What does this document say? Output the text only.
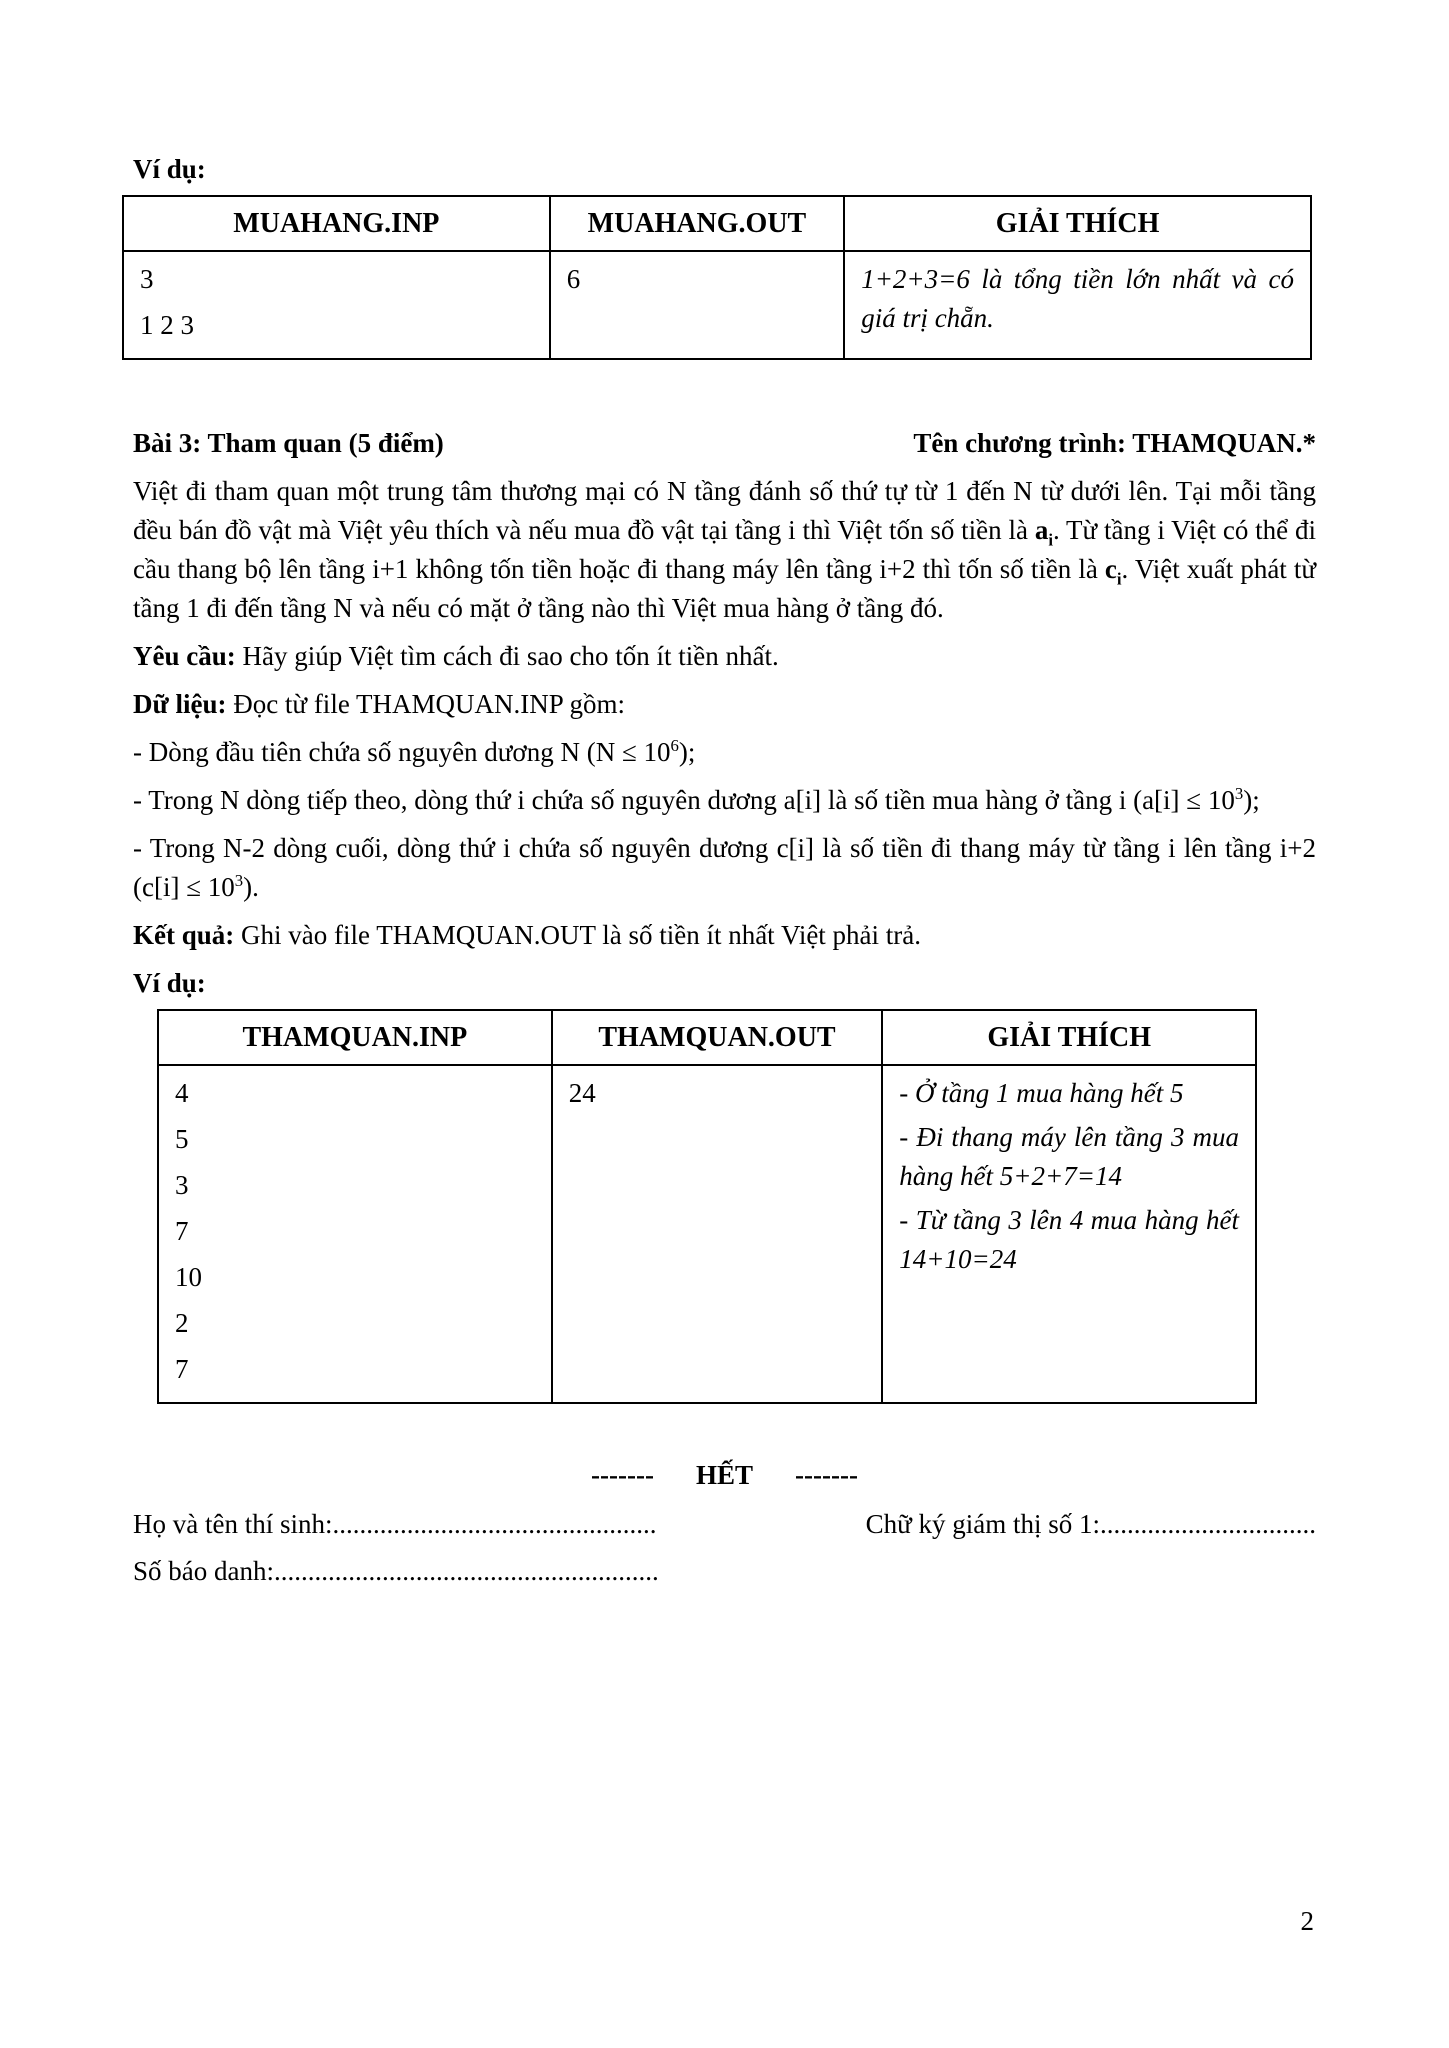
Ví dụ:
MUAHANG.INP	MUAHANG.OUT	GIẢI THÍCH

3
1 2 3	6	1+2+3=6 là tổng tiền lớn nhất và có giá trị chẵn.
Bài 3: Tham quan (5 điểm)	Tên chương trình: THAMQUAN.*

Việt đi tham quan một trung tâm thương mại có N tầng đánh số thứ tự từ 1 đến N từ dưới lên. Tại mỗi tầng đều bán đồ vật mà Việt yêu thích và nếu mua đồ vật tại tầng i thì Việt tốn số tiền là $a_i$. Từ tầng i Việt có thể đi cầu thang bộ lên tầng i+1 không tốn tiền hoặc đi thang máy lên tầng i+2 thì tốn số tiền là $c_i$. Việt xuất phát từ tầng 1 đi đến tầng N và nếu có mặt ở tầng nào thì Việt mua hàng ở tầng đó.

Yêu cầu: Hãy giúp Việt tìm cách đi sao cho tốn ít tiền nhất.

Dữ liệu: Đọc từ file THAMQUAN.INP gồm:

- Dòng đầu tiên chứa số nguyên dương N $(N \le 10^6)$;

- Trong N dòng tiếp theo, dòng thứ i chứa số nguyên dương a[i] là số tiền mua hàng ở tầng i $(a[i] \le 10^3)$;

- Trong N-2 dòng cuối, dòng thứ i chứa số nguyên dương c[i] là số tiền đi thang máy từ tầng i lên tầng i+2 $(c[i] \le 10^3)$.

Kết quả: Ghi vào file THAMQUAN.OUT là số tiền ít nhất Việt phải trả.

Ví dụ:
THAMQUAN.INP	THAMQUAN.OUT	GIẢI THÍCH

4
5
3
7
10
2
7

24	- Ở tầng 1 mua hàng hết 5
- Đi thang máy lên tầng 3 mua hàng hết 5+2+7=14
- Từ tầng 3 lên 4 mua hàng hết 14+10=24
------- HẾT -------
Họ và tên thí sinh:................................................	Chữ ký giám thị số 1:................................
Số báo danh:.........................................................
2
